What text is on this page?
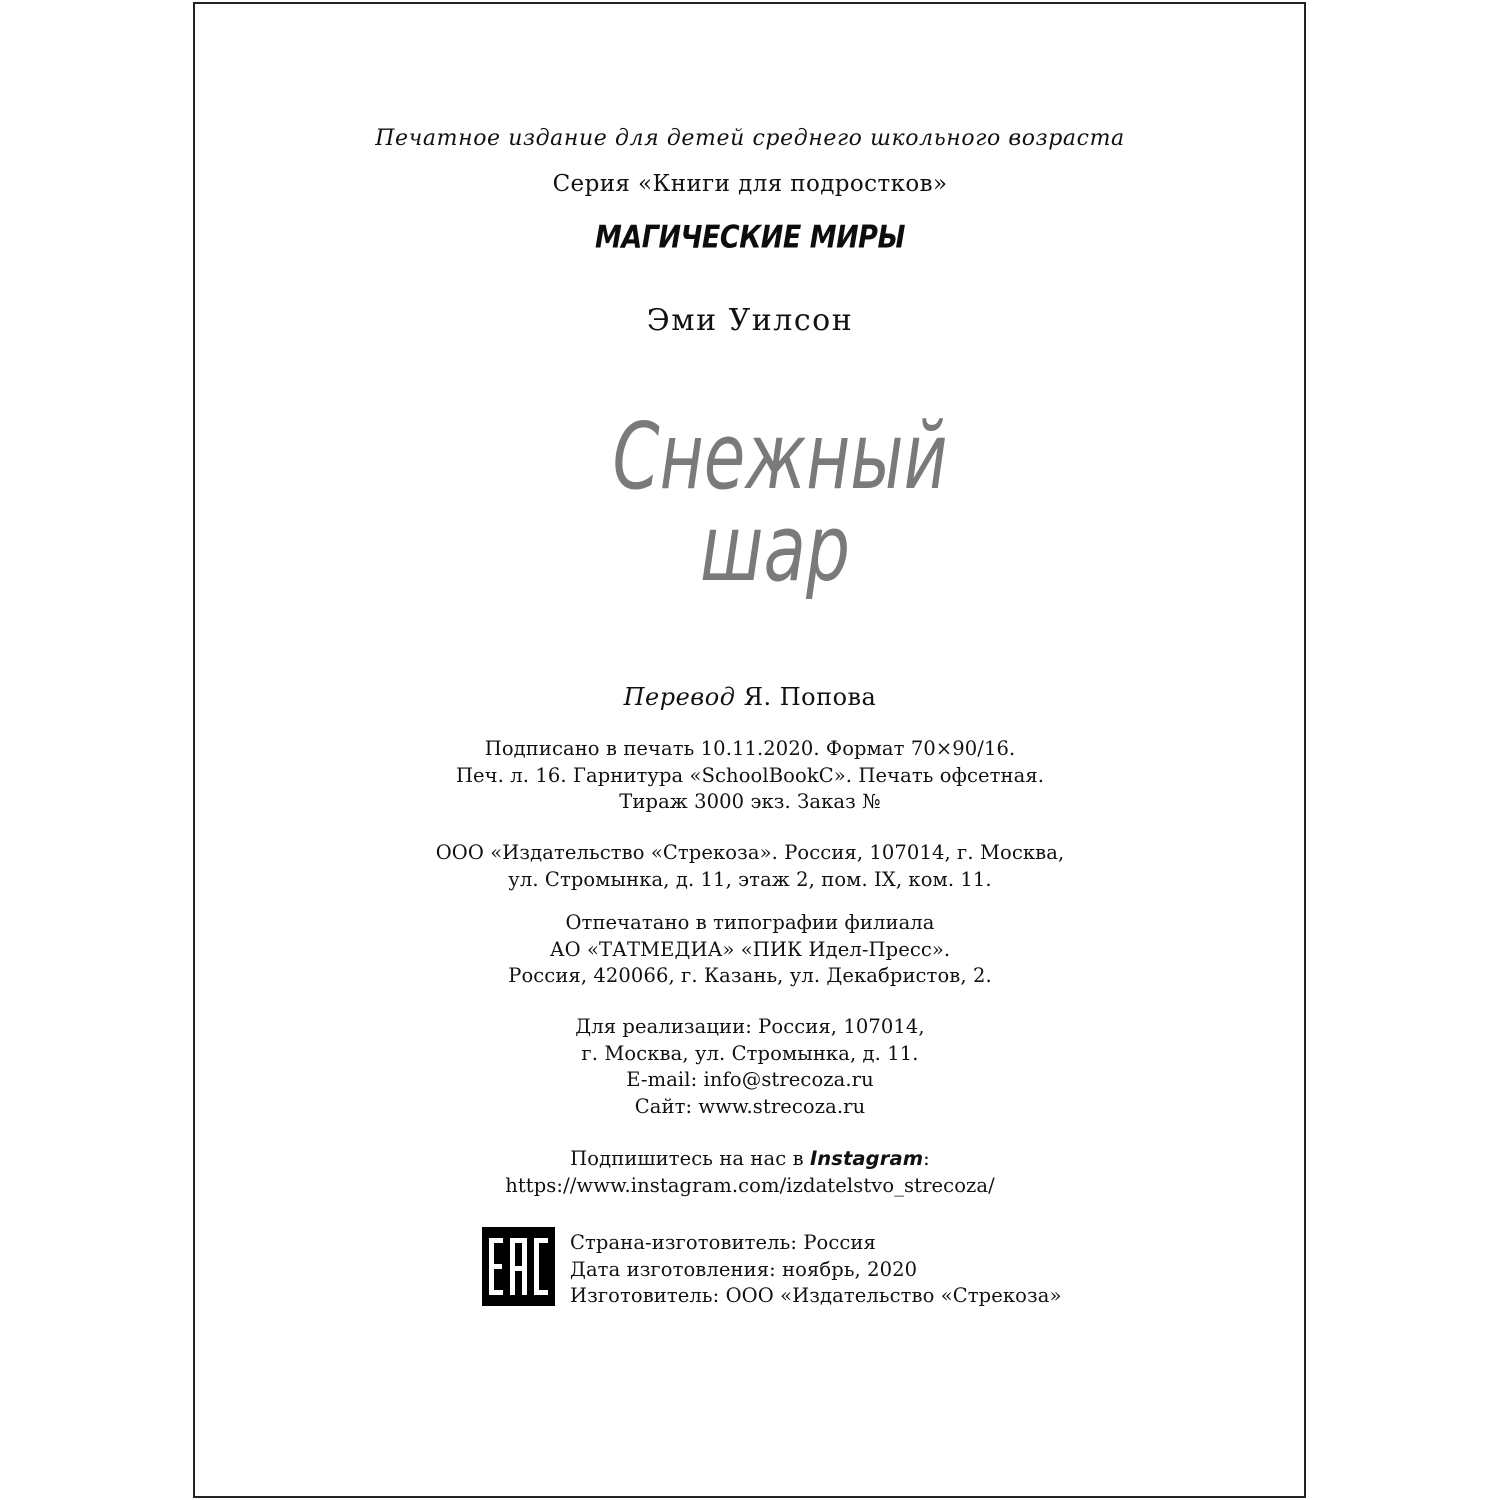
Печатное издание для детей среднего школьного возраста
Серия «Книги для подростков»
МАГИЧЕСКИЕ МИРЫ
Эми Уилсон
Снежный
шар
Перевод Я. Попова
Подписано в печать 10.11.2020. Формат 70×90/16.
Печ. л. 16. Гарнитура «SchoolBookC». Печать офсетная.
Тираж 3000 экз. Заказ №
ООО «Издательство «Стрекоза». Россия, 107014, г. Москва,
ул. Стромынка, д. 11, этаж 2, пом. IX, ком. 11.
Отпечатано в типографии филиала
АО «ТАТМЕДИА» «ПИК Идел-Пресс».
Россия, 420066, г. Казань, ул. Декабристов, 2.
Для реализации: Россия, 107014,
г. Москва, ул. Стромынка, д. 11.
E-mail: info@strecoza.ru
Сайт: www.strecoza.ru
Подпишитесь на нас в Instagram:
https://www.instagram.com/izdatelstvo_strecoza/
Страна-изготовитель: Россия
Дата изготовления: ноябрь, 2020
Изготовитель: ООО «Издательство «Стрекоза»
